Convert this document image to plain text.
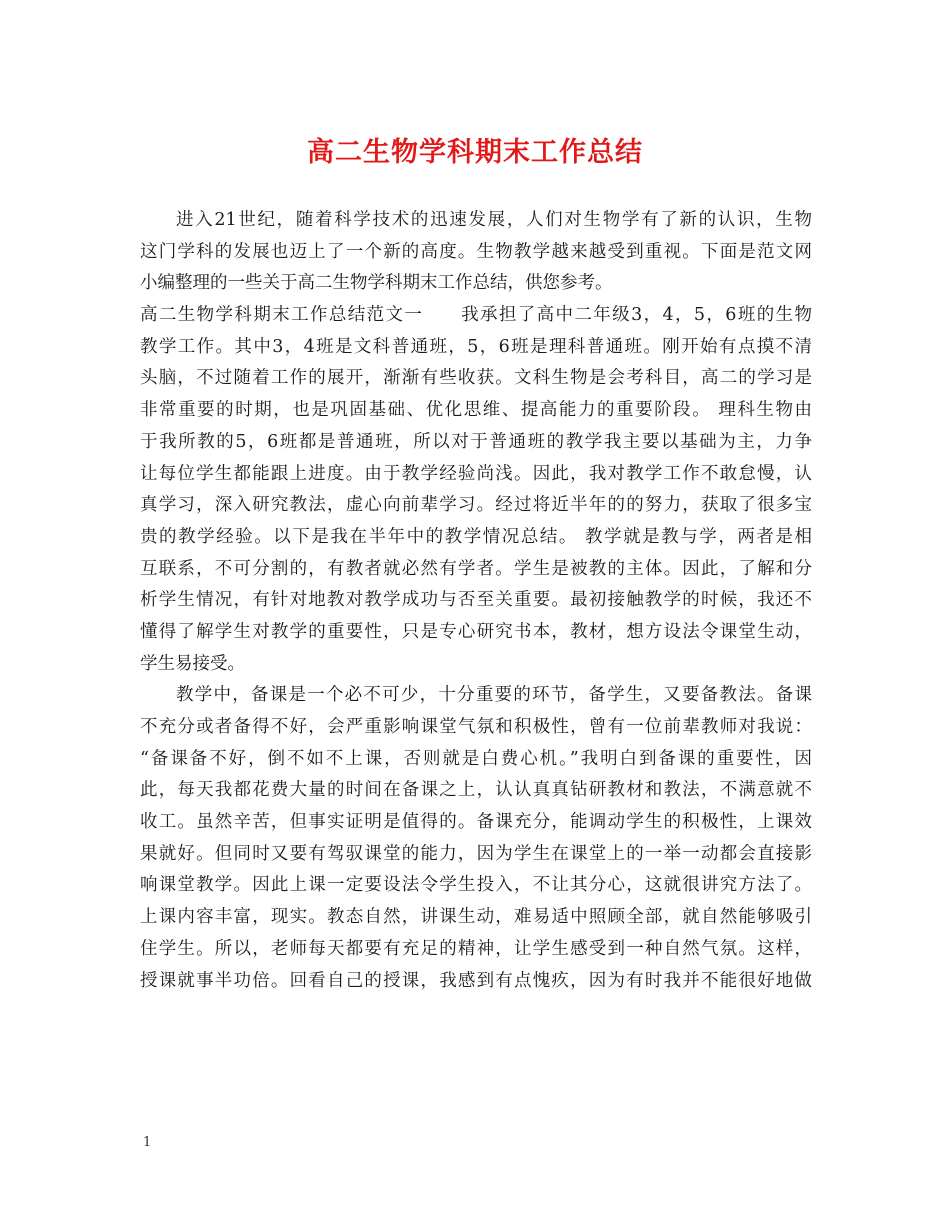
高二生物学科期末工作总结
进入21世纪，随着科学技术的迅速发展，人们对生物学有了新的认识，生物
这门学科的发展也迈上了一个新的高度。生物教学越来越受到重视。下面是范文网
小编整理的一些关于高二生物学科期末工作总结，供您参考。
高二生物学科期末工作总结范文一　　我承担了高中二年级3，4，5，6班的生物
教学工作。其中3，4班是文科普通班，5，6班是理科普通班。刚开始有点摸不清
头脑，不过随着工作的展开，渐渐有些收获。文科生物是会考科目，高二的学习是
非常重要的时期，也是巩固基础、优化思维、提高能力的重要阶段。 理科生物由
于我所教的5，6班都是普通班，所以对于普通班的教学我主要以基础为主，力争
让每位学生都能跟上进度。由于教学经验尚浅。因此，我对教学工作不敢怠慢，认
真学习，深入研究教法，虚心向前辈学习。经过将近半年的的努力，获取了很多宝
贵的教学经验。以下是我在半年中的教学情况总结。 教学就是教与学，两者是相
互联系，不可分割的，有教者就必然有学者。学生是被教的主体。因此，了解和分
析学生情况，有针对地教对教学成功与否至关重要。最初接触教学的时候，我还不
懂得了解学生对教学的重要性，只是专心研究书本，教材，想方设法令课堂生动，
学生易接受。
教学中，备课是一个必不可少，十分重要的环节，备学生，又要备教法。备课
不充分或者备得不好，会严重影响课堂气氛和积极性，曾有一位前辈教师对我说：
“备课备不好，倒不如不上课，否则就是白费心机。”我明白到备课的重要性，因
此，每天我都花费大量的时间在备课之上，认认真真钻研教材和教法，不满意就不
收工。虽然辛苦，但事实证明是值得的。备课充分，能调动学生的积极性，上课效
果就好。但同时又要有驾驭课堂的能力，因为学生在课堂上的一举一动都会直接影
响课堂教学。因此上课一定要设法令学生投入，不让其分心，这就很讲究方法了。
上课内容丰富，现实。教态自然，讲课生动，难易适中照顾全部，就自然能够吸引
住学生。所以，老师每天都要有充足的精神，让学生感受到一种自然气氛。这样，
授课就事半功倍。回看自己的授课，我感到有点愧疚，因为有时我并不能很好地做
1
